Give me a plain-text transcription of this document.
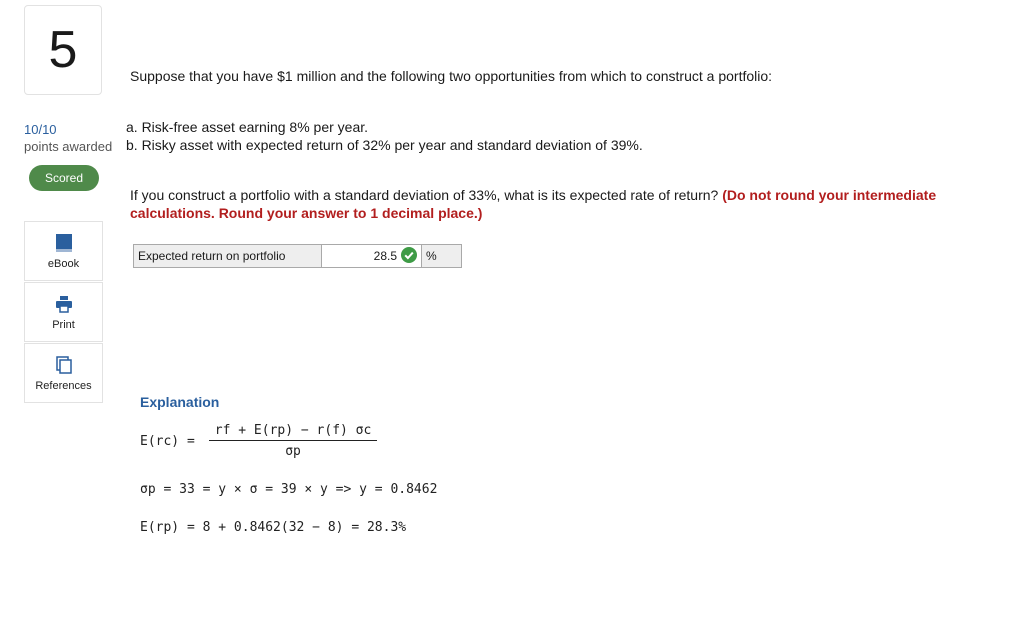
5
10/10
points awarded
Scored
eBook
Print
References
Suppose that you have $1 million and the following two opportunities from which to construct a portfolio:
a. Risk-free asset earning 8% per year.
b. Risky asset with expected return of 32% per year and standard deviation of 39%.
If you construct a portfolio with a standard deviation of 33%, what is its expected rate of return? (Do not round your intermediate calculations. Round your answer to 1 decimal place.)
Expected return on portfolio	28.5	%
Explanation
$E(rc) = \frac{rf + E(rp) - r(f) \sigma c}{\sigma p}$
σp = 33 = y × σ = 39 × y => y = 0.8462
E(rp) = 8 + 0.8462(32 − 8) = 28.3%
